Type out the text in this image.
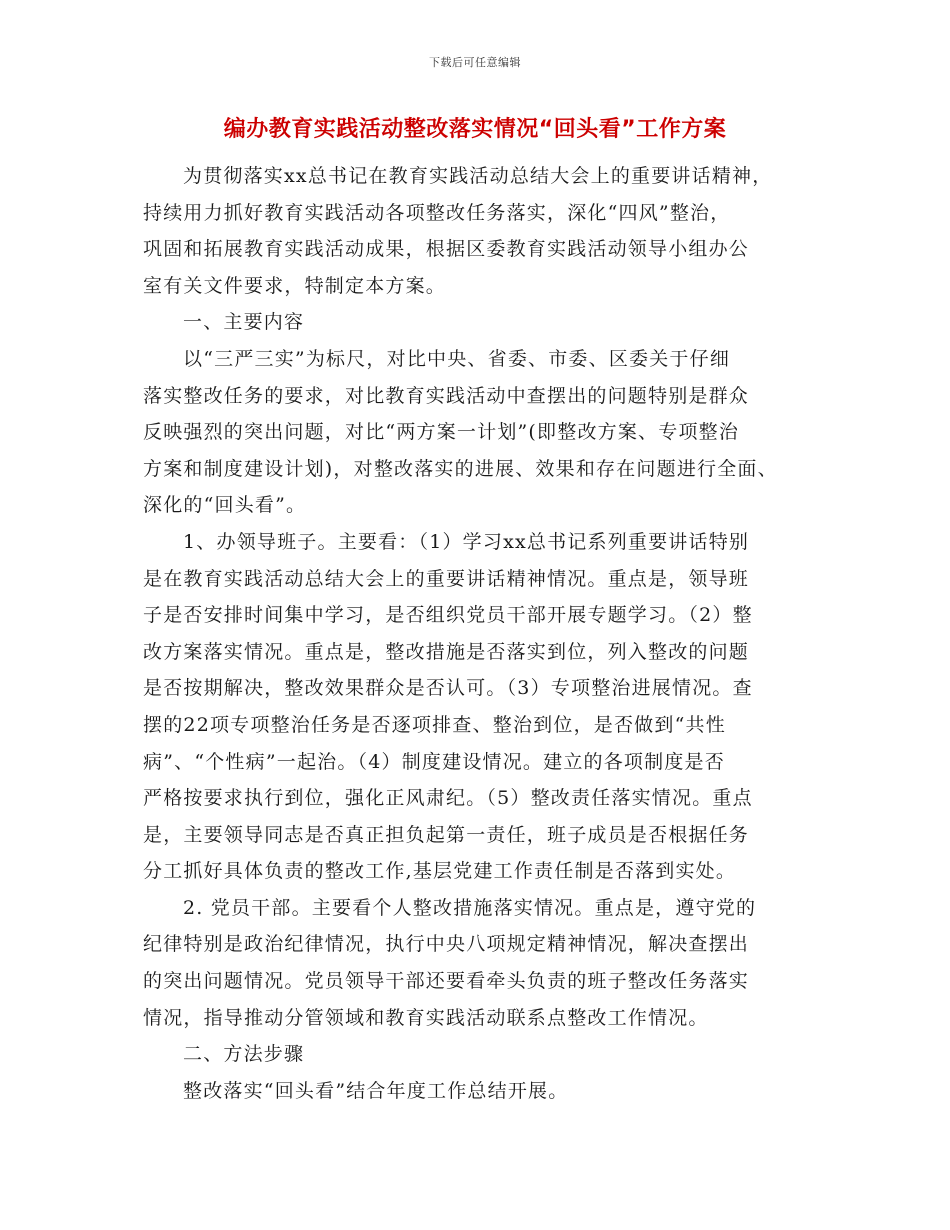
下载后可任意编辑
编办教育实践活动整改落实情况“回头看”工作方案
为贯彻落实xx总书记在教育实践活动总结大会上的重要讲话精神，
持续用力抓好教育实践活动各项整改任务落实，深化“四风”整治，
巩固和拓展教育实践活动成果，根据区委教育实践活动领导小组办公
室有关文件要求，特制定本方案。
一、主要内容
以“三严三实”为标尺，对比中央、省委、市委、区委关于仔细
落实整改任务的要求，对比教育实践活动中查摆出的问题特别是群众
反映强烈的突出问题，对比“两方案一计划”(即整改方案、专项整治
方案和制度建设计划)，对整改落实的进展、效果和存在问题进行全面、
深化的“回头看”。
1、办领导班子。主要看：（1）学习xx总书记系列重要讲话特别
是在教育实践活动总结大会上的重要讲话精神情况。重点是，领导班
子是否安排时间集中学习，是否组织党员干部开展专题学习。（2）整
改方案落实情况。重点是，整改措施是否落实到位，列入整改的问题
是否按期解决，整改效果群众是否认可。（3）专项整治进展情况。查
摆的22项专项整治任务是否逐项排查、整治到位，是否做到“共性
病”、“个性病”一起治。（4）制度建设情况。建立的各项制度是否
严格按要求执行到位，强化正风肃纪。（5）整改责任落实情况。重点
是，主要领导同志是否真正担负起第一责任，班子成员是否根据任务
分工抓好具体负责的整改工作,基层党建工作责任制是否落到实处。
2. 党员干部。主要看个人整改措施落实情况。重点是，遵守党的
纪律特别是政治纪律情况，执行中央八项规定精神情况，解决查摆出
的突出问题情况。党员领导干部还要看牵头负责的班子整改任务落实
情况，指导推动分管领域和教育实践活动联系点整改工作情况。
二、方法步骤
整改落实“回头看”结合年度工作总结开展。
